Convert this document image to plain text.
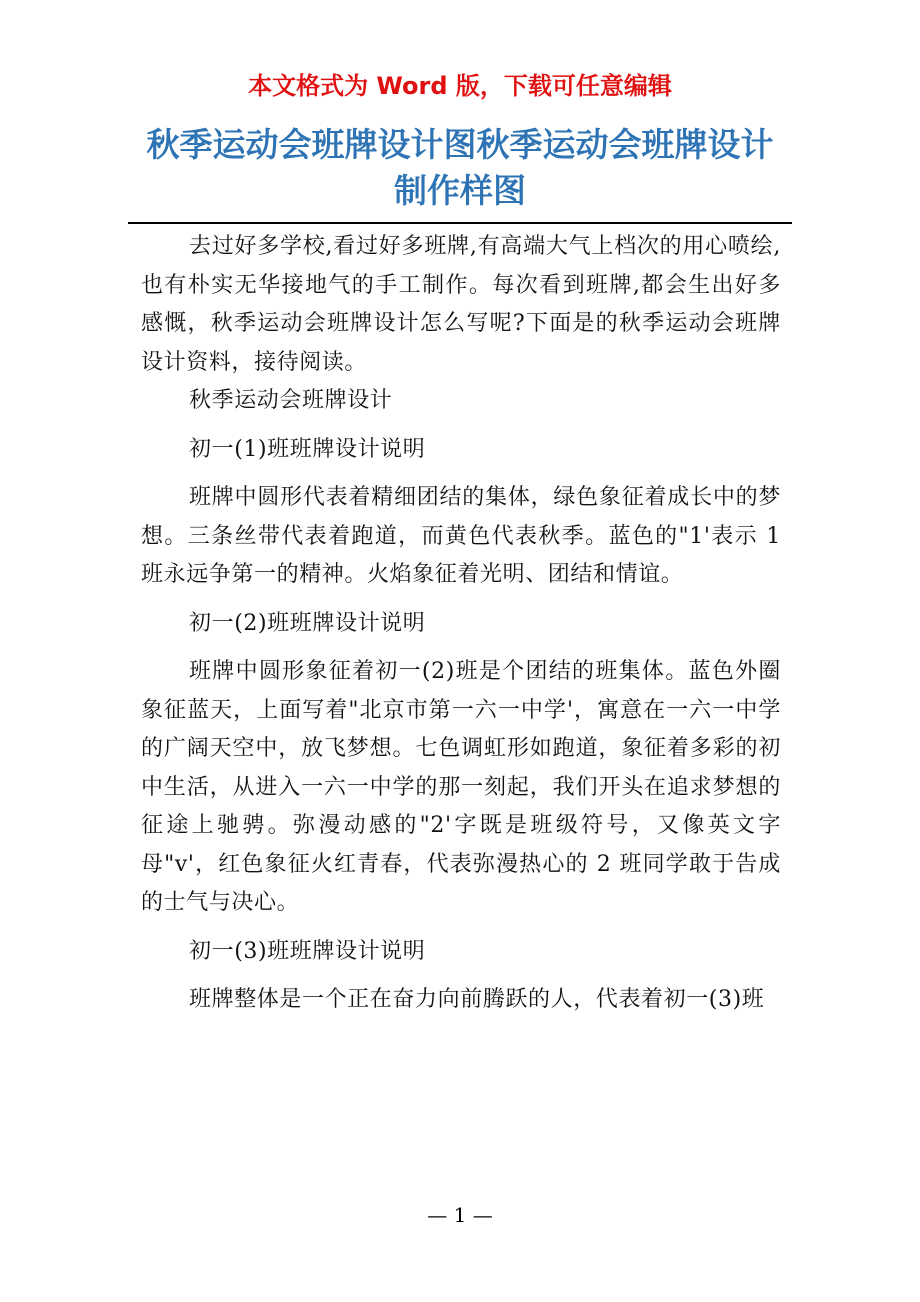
本文格式为 Word 版，下载可任意编辑
秋季运动会班牌设计图秋季运动会班牌设计制作样图

去过好多学校,看过好多班牌,有高端大气上档次的用心喷绘,也有朴实无华接地气的手工制作。每次看到班牌,都会生出好多感慨，秋季运动会班牌设计怎么写呢?下面是的秋季运动会班牌设计资料，接待阅读。

秋季运动会班牌设计

初一(1)班班牌设计说明

班牌中圆形代表着精细团结的集体，绿色象征着成长中的梦想。三条丝带代表着跑道，而黄色代表秋季。蓝色的"1'表示 1 班永远争第一的精神。火焰象征着光明、团结和情谊。

初一(2)班班牌设计说明

班牌中圆形象征着初一(2)班是个团结的班集体。蓝色外圈象征蓝天，上面写着"北京市第一六一中学'，寓意在一六一中学的广阔天空中，放飞梦想。七色调虹形如跑道，象征着多彩的初中生活，从进入一六一中学的那一刻起，我们开头在追求梦想的征途上驰骋。弥漫动感的"2'字既是班级符号，又像英文字母"v'，红色象征火红青春，代表弥漫热心的 2 班同学敢于告成的士气与决心。

初一(3)班班牌设计说明

班牌整体是一个正在奋力向前腾跃的人，代表着初一(3)班

— 1 —
